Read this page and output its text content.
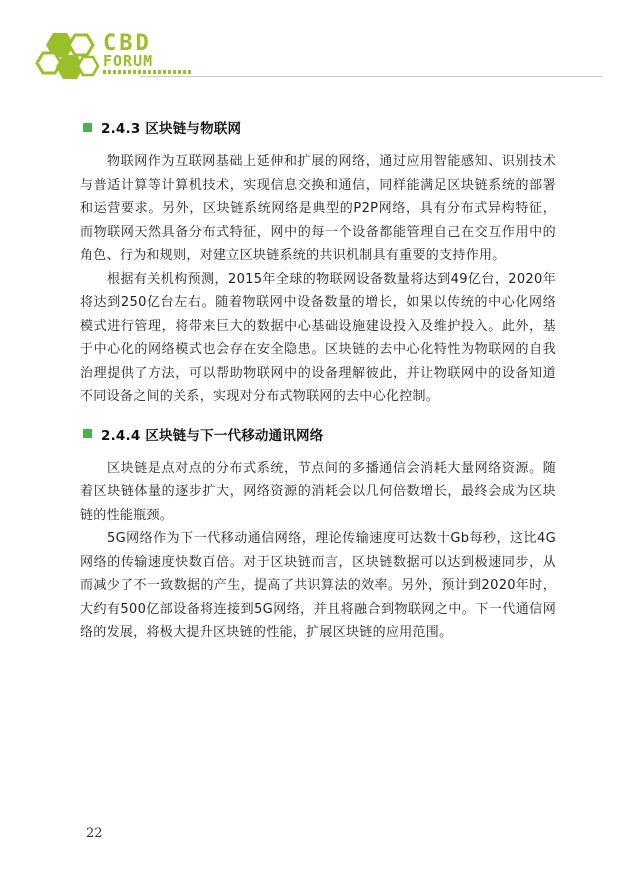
CBD
FORUM
2.4.3 区块链与物联网

物联网作为互联网基础上延伸和扩展的网络，通过应用智能感知、识别技术与普适计算等计算机技术，实现信息交换和通信，同样能满足区块链系统的部署和运营要求。另外，区块链系统网络是典型的P2P网络，具有分布式异构特征，而物联网天然具备分布式特征，网中的每一个设备都能管理自己在交互作用中的角色、行为和规则，对建立区块链系统的共识机制具有重要的支持作用。

根据有关机构预测，2015年全球的物联网设备数量将达到49亿台，2020年将达到250亿台左右。随着物联网中设备数量的增长，如果以传统的中心化网络模式进行管理，将带来巨大的数据中心基础设施建设投入及维护投入。此外，基于中心化的网络模式也会存在安全隐患。区块链的去中心化特性为物联网的自我治理提供了方法，可以帮助物联网中的设备理解彼此，并让物联网中的设备知道不同设备之间的关系，实现对分布式物联网的去中心化控制。

2.4.4 区块链与下一代移动通讯网络

区块链是点对点的分布式系统，节点间的多播通信会消耗大量网络资源。随着区块链体量的逐步扩大，网络资源的消耗会以几何倍数增长，最终会成为区块链的性能瓶颈。

5G网络作为下一代移动通信网络，理论传输速度可达数十Gb每秒，这比4G网络的传输速度快数百倍。对于区块链而言，区块链数据可以达到极速同步，从而减少了不一致数据的产生，提高了共识算法的效率。另外，预计到2020年时，大约有500亿部设备将连接到5G网络，并且将融合到物联网之中。下一代通信网络的发展，将极大提升区块链的性能，扩展区块链的应用范围。

22
